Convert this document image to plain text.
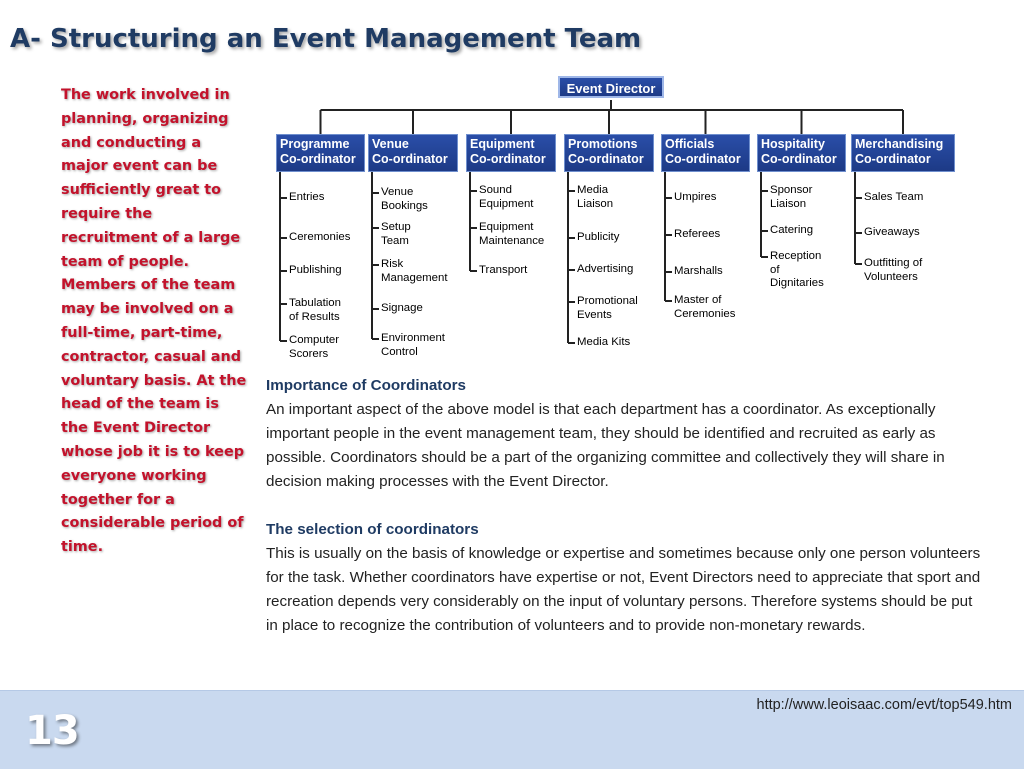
A- Structuring an Event Management Team

The work involved in planning, organizing and conducting a major event can be sufficiently great to require the recruitment of a large team of people. Members of the team may be involved on a full-time, part-time, contractor, casual and voluntary basis. At the head of the team is the Event Director whose job it is to keep everyone working together for a considerable period of time.

Event Director
Programme
Co-ordinator
Entries
Ceremonies
Publishing
Tabulation
of Results
Computer
Scorers
Venue
Co-ordinator
Venue
Bookings
Setup
Team
Risk
Management
Signage
Environment
Control
Equipment
Co-ordinator
Sound
Equipment
Equipment
Maintenance
Transport
Promotions
Co-ordinator
Media
Liaison
Publicity
Advertising
Promotional
Events
Media Kits
Officials
Co-ordinator
Umpires
Referees
Marshalls
Master of
Ceremonies
Hospitality
Co-ordinator
Sponsor
Liaison
Catering
Reception
of
Dignitaries
Merchandising
Co-ordinator
Sales Team
Giveaways
Outfitting of
Volunteers

Importance of Coordinators

An important aspect of the above model is that each department has a coordinator. As exceptionally important people in the event management team, they should be identified and recruited as early as possible. Coordinators should be a part of the organizing committee and collectively they will share in decision making processes with the Event Director.

The selection of coordinators

This is usually on the basis of knowledge or expertise and sometimes because only one person volunteers for the task. Whether coordinators have expertise or not, Event Directors need to appreciate that sport and recreation depends very considerably on the input of voluntary persons. Therefore systems should be put in place to recognize the contribution of volunteers and to provide non-monetary rewards.

13
http://www.leoisaac.com/evt/top549.htm
